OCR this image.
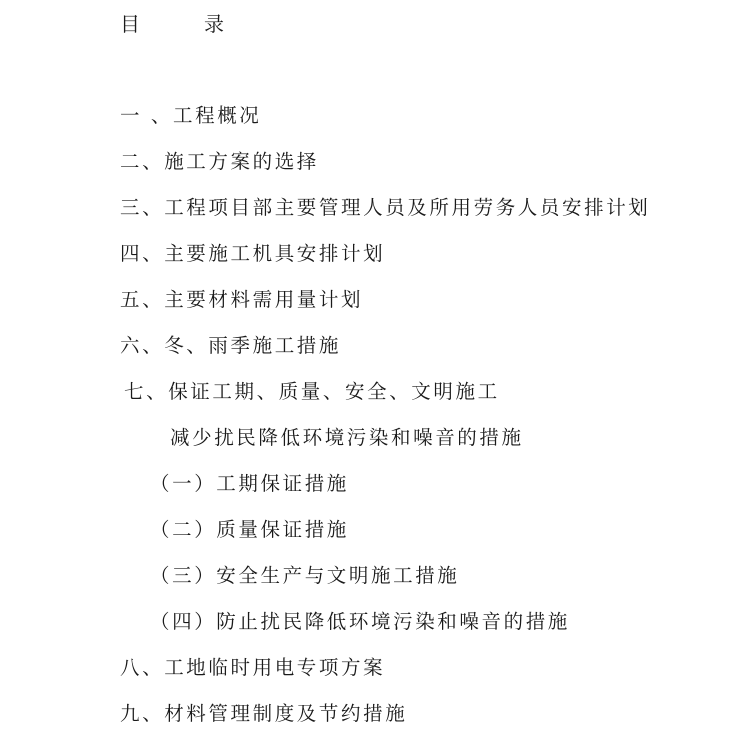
目	录
一 、工程概况
二、施工方案的选择
三、工程项目部主要管理人员及所用劳务人员安排计划
四、主要施工机具安排计划
五、主要材料需用量计划
六、冬、雨季施工措施
七、保证工期、质量、安全、文明施工
减少扰民降低环境污染和噪音的措施
（一）工期保证措施
（二）质量保证措施
（三）安全生产与文明施工措施
（四）防止扰民降低环境污染和噪音的措施
八、工地临时用电专项方案
九、材料管理制度及节约措施
